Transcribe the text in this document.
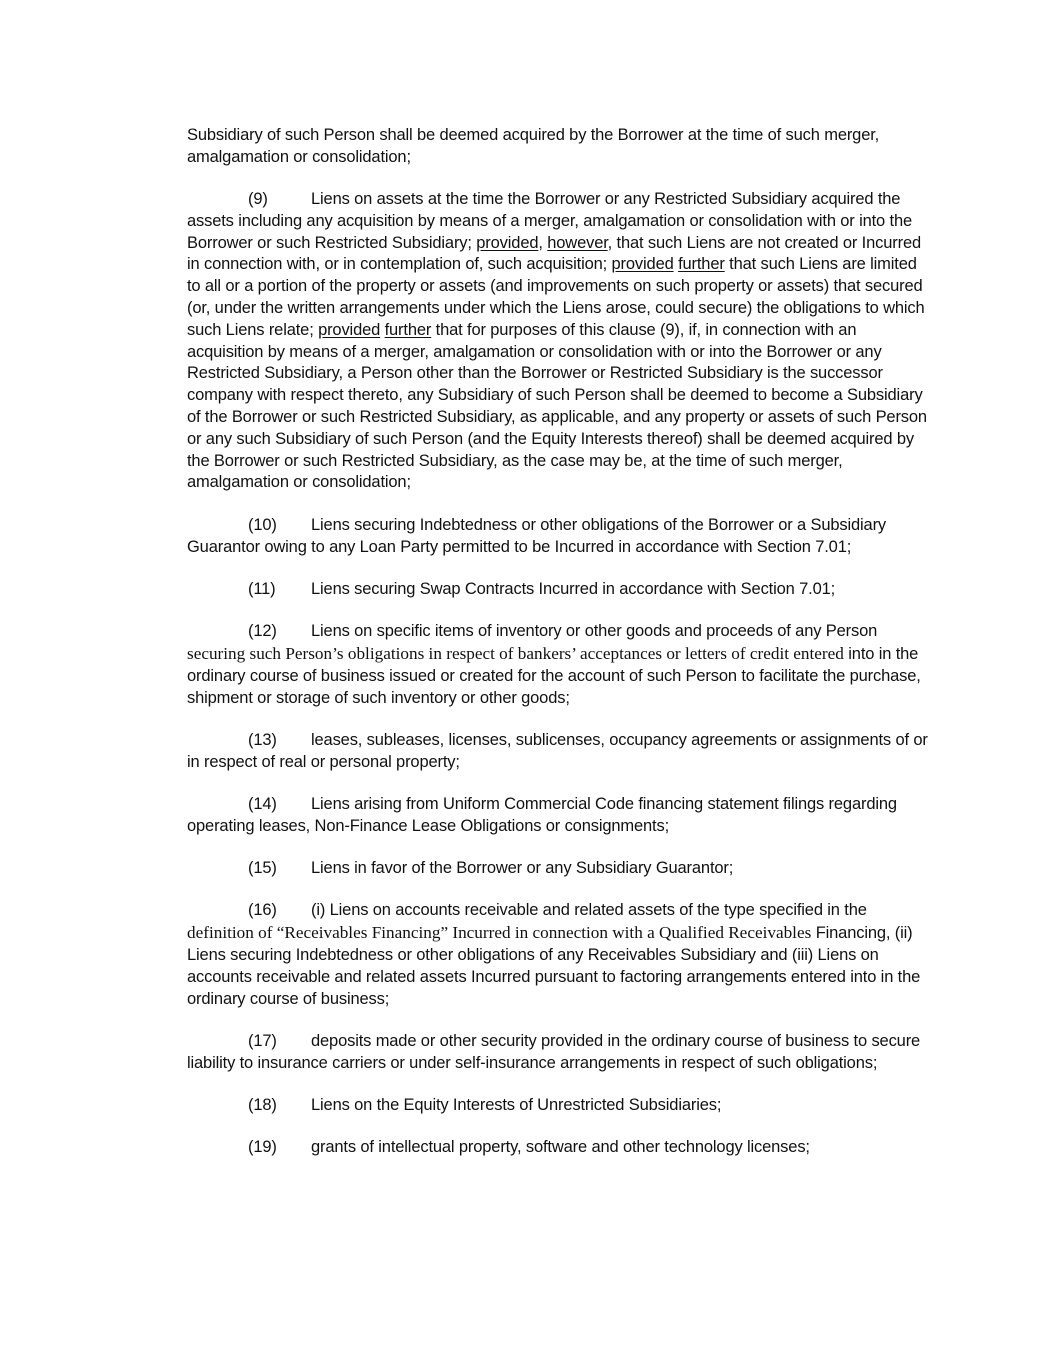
Subsidiary of such Person shall be deemed acquired by the Borrower at the time of such merger, amalgamation or consolidation;

(9)	Liens on assets at the time the Borrower or any Restricted Subsidiary acquired the assets including any acquisition by means of a merger, amalgamation or consolidation with or into the Borrower or such Restricted Subsidiary; provided, however, that such Liens are not created or Incurred in connection with, or in contemplation of, such acquisition; provided further that such Liens are limited to all or a portion of the property or assets (and improvements on such property or assets) that secured (or, under the written arrangements under which the Liens arose, could secure) the obligations to which such Liens relate; provided further that for purposes of this clause (9), if, in connection with an acquisition by means of a merger, amalgamation or consolidation with or into the Borrower or any Restricted Subsidiary, a Person other than the Borrower or Restricted Subsidiary is the successor company with respect thereto, any Subsidiary of such Person shall be deemed to become a Subsidiary of the Borrower or such Restricted Subsidiary, as applicable, and any property or assets of such Person or any such Subsidiary of such Person (and the Equity Interests thereof) shall be deemed acquired by the Borrower or such Restricted Subsidiary, as the case may be, at the time of such merger, amalgamation or consolidation;

(10) Liens securing Indebtedness or other obligations of the Borrower or a Subsidiary Guarantor owing to any Loan Party permitted to be Incurred in accordance with Section 7.01;

(11) Liens securing Swap Contracts Incurred in accordance with Section 7.01;

(12) Liens on specific items of inventory or other goods and proceeds of any Person securing such Person’s obligations in respect of bankers’ acceptances or letters of credit entered into in the ordinary course of business issued or created for the account of such Person to facilitate the purchase, shipment or storage of such inventory or other goods;

(13) leases, subleases, licenses, sublicenses, occupancy agreements or assignments of or in respect of real or personal property;

(14) Liens arising from Uniform Commercial Code financing statement filings regarding operating leases, Non-Finance Lease Obligations or consignments;

(15) Liens in favor of the Borrower or any Subsidiary Guarantor;

(16) (i) Liens on accounts receivable and related assets of the type specified in the definition of “Receivables Financing” Incurred in connection with a Qualified Receivables Financing, (ii) Liens securing Indebtedness or other obligations of any Receivables Subsidiary and (iii) Liens on accounts receivable and related assets Incurred pursuant to factoring arrangements entered into in the ordinary course of business;

(17) deposits made or other security provided in the ordinary course of business to secure liability to insurance carriers or under self-insurance arrangements in respect of such obligations;

(18) Liens on the Equity Interests of Unrestricted Subsidiaries;

(19) grants of intellectual property, software and other technology licenses;
